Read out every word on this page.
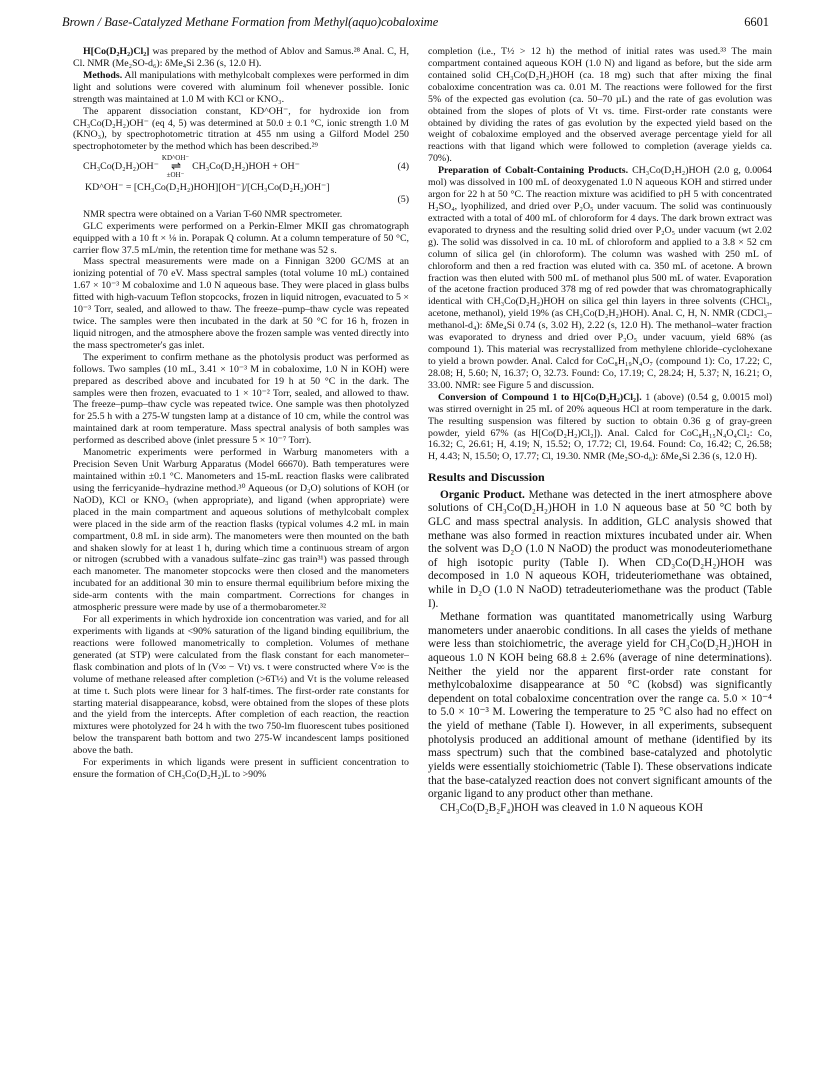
Brown / Base-Catalyzed Methane Formation from Methyl(aquo)cobaloxime	6601

H[Co(D₂H₂)Cl₂] was prepared by the method of Ablov and Samus.²⁸ Anal. C, H, Cl. NMR (Me₂SO-d₆): δMe₄Si 2.36 (s, 12.0 H).

Methods. All manipulations with methylcobalt complexes were performed in dim light and solutions were covered with aluminum foil whenever possible. Ionic strength was maintained at 1.0 M with KCl or KNO₃.

The apparent dissociation constant, KD^OH⁻, for hydroxide ion from CH₃Co(D₂H₂)OH⁻ (eq 4, 5) was determined at 50.0 ± 0.1 °C, ionic strength 1.0 M (KNO₃), by spectrophotometric titration at 455 nm using a Gilford Model 250 spectrophotometer by the method which has been described.²⁹

CH₃Co(D₂H₂)OH⁻
KD^OH⁻
⇌
±OH⁻
CH₃Co(D₂H₂)HOH + OH⁻	(4)
KD^OH⁻ = [CH₃Co(D₂H₂)HOH][OH⁻]/[CH₃Co(D₂H₂)OH⁻]
(5)

NMR spectra were obtained on a Varian T-60 NMR spectrometer.

GLC experiments were performed on a Perkin-Elmer MKII gas chromatograph equipped with a 10 ft × ⅛ in. Porapak Q column. At a column temperature of 50 °C, carrier flow 37.5 mL/min, the retention time for methane was 52 s.

Mass spectral measurements were made on a Finnigan 3200 GC/MS at an ionizing potential of 70 eV. Mass spectral samples (total volume 10 mL) contained 1.67 × 10⁻³ M cobaloxime and 1.0 N aqueous base. They were placed in glass bulbs fitted with high-vacuum Teflon stopcocks, frozen in liquid nitrogen, evacuated to 5 × 10⁻³ Torr, sealed, and allowed to thaw. The freeze–pump–thaw cycle was repeated twice. The samples were then incubated in the dark at 50 °C for 16 h, frozen in liquid nitrogen, and the atmosphere above the frozen sample was vented directly into the mass spectrometer's gas inlet.

The experiment to confirm methane as the photolysis product was performed as follows. Two samples (10 mL, 3.41 × 10⁻³ M in cobaloxime, 1.0 N in KOH) were prepared as described above and incubated for 19 h at 50 °C in the dark. The samples were then frozen, evacuated to 1 × 10⁻² Torr, sealed, and allowed to thaw. The freeze–pump–thaw cycle was repeated twice. One sample was then photolyzed for 25.5 h with a 275-W tungsten lamp at a distance of 10 cm, while the control was maintained dark at room temperature. Mass spectral analysis of both samples was performed as described above (inlet pressure 5 × 10⁻⁷ Torr).

Manometric experiments were performed in Warburg manometers with a Precision Seven Unit Warburg Apparatus (Model 66670). Bath temperatures were maintained within ±0.1 °C. Manometers and 15-mL reaction flasks were calibrated using the ferricyanide–hydrazine method.³⁰ Aqueous (or D₂O) solutions of KOH (or NaOD), KCl or KNO₃ (when appropriate), and ligand (when appropriate) were placed in the main compartment and aqueous solutions of methylcobalt complex were placed in the side arm of the reaction flasks (typical volumes 4.2 mL in main compartment, 0.8 mL in side arm). The manometers were then mounted on the bath and shaken slowly for at least 1 h, during which time a continuous stream of argon or nitrogen (scrubbed with a vanadous sulfate–zinc gas train³¹) was passed through each manometer. The manometer stopcocks were then closed and the manometers incubated for an additional 30 min to ensure thermal equilibrium before mixing the side-arm contents with the main compartment. Corrections for changes in atmospheric pressure were made by use of a thermobarometer.³²

For all experiments in which hydroxide ion concentration was varied, and for all experiments with ligands at <90% saturation of the ligand binding equilibrium, the reactions were followed manometrically to completion. Volumes of methane generated (at STP) were calculated from the flask constant for each manometer–flask combination and plots of ln (V∞ − Vt) vs. t were constructed where V∞ is the volume of methane released after completion (>6T½) and Vt is the volume released at time t. Such plots were linear for 3 half-times. The first-order rate constants for starting material disappearance, kobsd, were obtained from the slopes of these plots and the yield from the intercepts. After completion of each reaction, the reaction mixtures were photolyzed for 24 h with the two 750-lm fluorescent tubes positioned below the transparent bath bottom and two 275-W incandescent lamps positioned above the bath.

For experiments in which ligands were present in sufficient concentration to ensure the formation of CH₃Co(D₂H₂)L to >90%

completion (i.e., T½ > 12 h) the method of initial rates was used.³³ The main compartment contained aqueous KOH (1.0 N) and ligand as before, but the side arm contained solid CH₃Co(D₂H₂)HOH (ca. 18 mg) such that after mixing the final cobaloxime concentration was ca. 0.01 M. The reactions were followed for the first 5% of the expected gas evolution (ca. 50–70 µL) and the rate of gas evolution was obtained from the slopes of plots of Vt vs. time. First-order rate constants were obtained by dividing the rates of gas evolution by the expected yield based on the weight of cobaloxime employed and the observed average percentage yield for all reactions with that ligand which were followed to completion (average yields ca. 70%).

Preparation of Cobalt-Containing Products. CH₃Co(D₂H₂)HOH (2.0 g, 0.0064 mol) was dissolved in 100 mL of deoxygenated 1.0 N aqueous KOH and stirred under argon for 22 h at 50 °C. The reaction mixture was acidified to pH 5 with concentrated H₂SO₄, lyophilized, and dried over P₂O₅ under vacuum. The solid was continuously extracted with a total of 400 mL of chloroform for 4 days. The dark brown extract was evaporated to dryness and the resulting solid dried over P₂O₅ under vacuum (wt 2.02 g). The solid was dissolved in ca. 10 mL of chloroform and applied to a 3.8 × 52 cm column of silica gel (in chloroform). The column was washed with 250 mL of chloroform and then a red fraction was eluted with ca. 350 mL of acetone. A brown fraction was then eluted with 500 mL of methanol plus 500 mL of water. Evaporation of the acetone fraction produced 378 mg of red powder that was chromatographically identical with CH₃Co(D₂H₂)HOH on silica gel thin layers in three solvents (CHCl₃, acetone, methanol), yield 19% (as CH₃Co(D₂H₂)HOH). Anal. C, H, N. NMR (CDCl₃–methanol-d₄): δMe₄Si 0.74 (s, 3.02 H), 2.22 (s, 12.0 H). The methanol–water fraction was evaporated to dryness and dried over P₂O₅ under vacuum, yield 68% (as compound 1). This material was recrystallized from methylene chloride–cyclohexane to yield a brown powder. Anal. Calcd for CoC₈H₁₉N₄O₇ (compound 1): Co, 17.22; C, 28.08; H, 5.60; N, 16.37; O, 32.73. Found: Co, 17.19; C, 28.24; H, 5.37; N, 16.21; O, 33.00. NMR: see Figure 5 and discussion.

Conversion of Compound 1 to H[Co(D₂H₂)Cl₂]. 1 (above) (0.54 g, 0.0015 mol) was stirred overnight in 25 mL of 20% aqueous HCl at room temperature in the dark. The resulting suspension was filtered by suction to obtain 0.36 g of gray-green powder, yield 67% (as H[Co(D₂H₂)Cl₂]). Anal. Calcd for CoC₈H₁₅N₄O₄Cl₂: Co, 16.32; C, 26.61; H, 4.19; N, 15.52; O, 17.72; Cl, 19.64. Found: Co, 16.42; C, 26.58; H, 4.43; N, 15.50; O, 17.77; Cl, 19.30. NMR (Me₂SO-d₆): δMe₄Si 2.36 (s, 12.0 H).

Results and Discussion

Organic Product. Methane was detected in the inert atmosphere above solutions of CH₃Co(D₂H₂)HOH in 1.0 N aqueous base at 50 °C both by GLC and mass spectral analysis. In addition, GLC analysis showed that methane was also formed in reaction mixtures incubated under air. When the solvent was D₂O (1.0 N NaOD) the product was monodeuteriomethane of high isotopic purity (Table I). When CD₃Co(D₂H₂)HOH was decomposed in 1.0 N aqueous KOH, trideuteriomethane was obtained, while in D₂O (1.0 N NaOD) tetradeuteriomethane was the product (Table I).

Methane formation was quantitated manometrically using Warburg manometers under anaerobic conditions. In all cases the yields of methane were less than stoichiometric, the average yield for CH₃Co(D₂H₂)HOH in aqueous 1.0 N KOH being 68.8 ± 2.6% (average of nine determinations). Neither the yield nor the apparent first-order rate constant for methylcobaloxime disappearance at 50 °C (kobsd) was significantly dependent on total cobaloxime concentration over the range ca. 5.0 × 10⁻⁴ to 5.0 × 10⁻³ M. Lowering the temperature to 25 °C also had no effect on the yield of methane (Table I). However, in all experiments, subsequent photolysis produced an additional amount of methane (identified by its mass spectrum) such that the combined base-catalyzed and photolytic yields were essentially stoichiometric (Table I). These observations indicate that the base-catalyzed reaction does not convert significant amounts of the organic ligand to any product other than methane.

CH₃Co(D₂B₂F₄)HOH was cleaved in 1.0 N aqueous KOH
